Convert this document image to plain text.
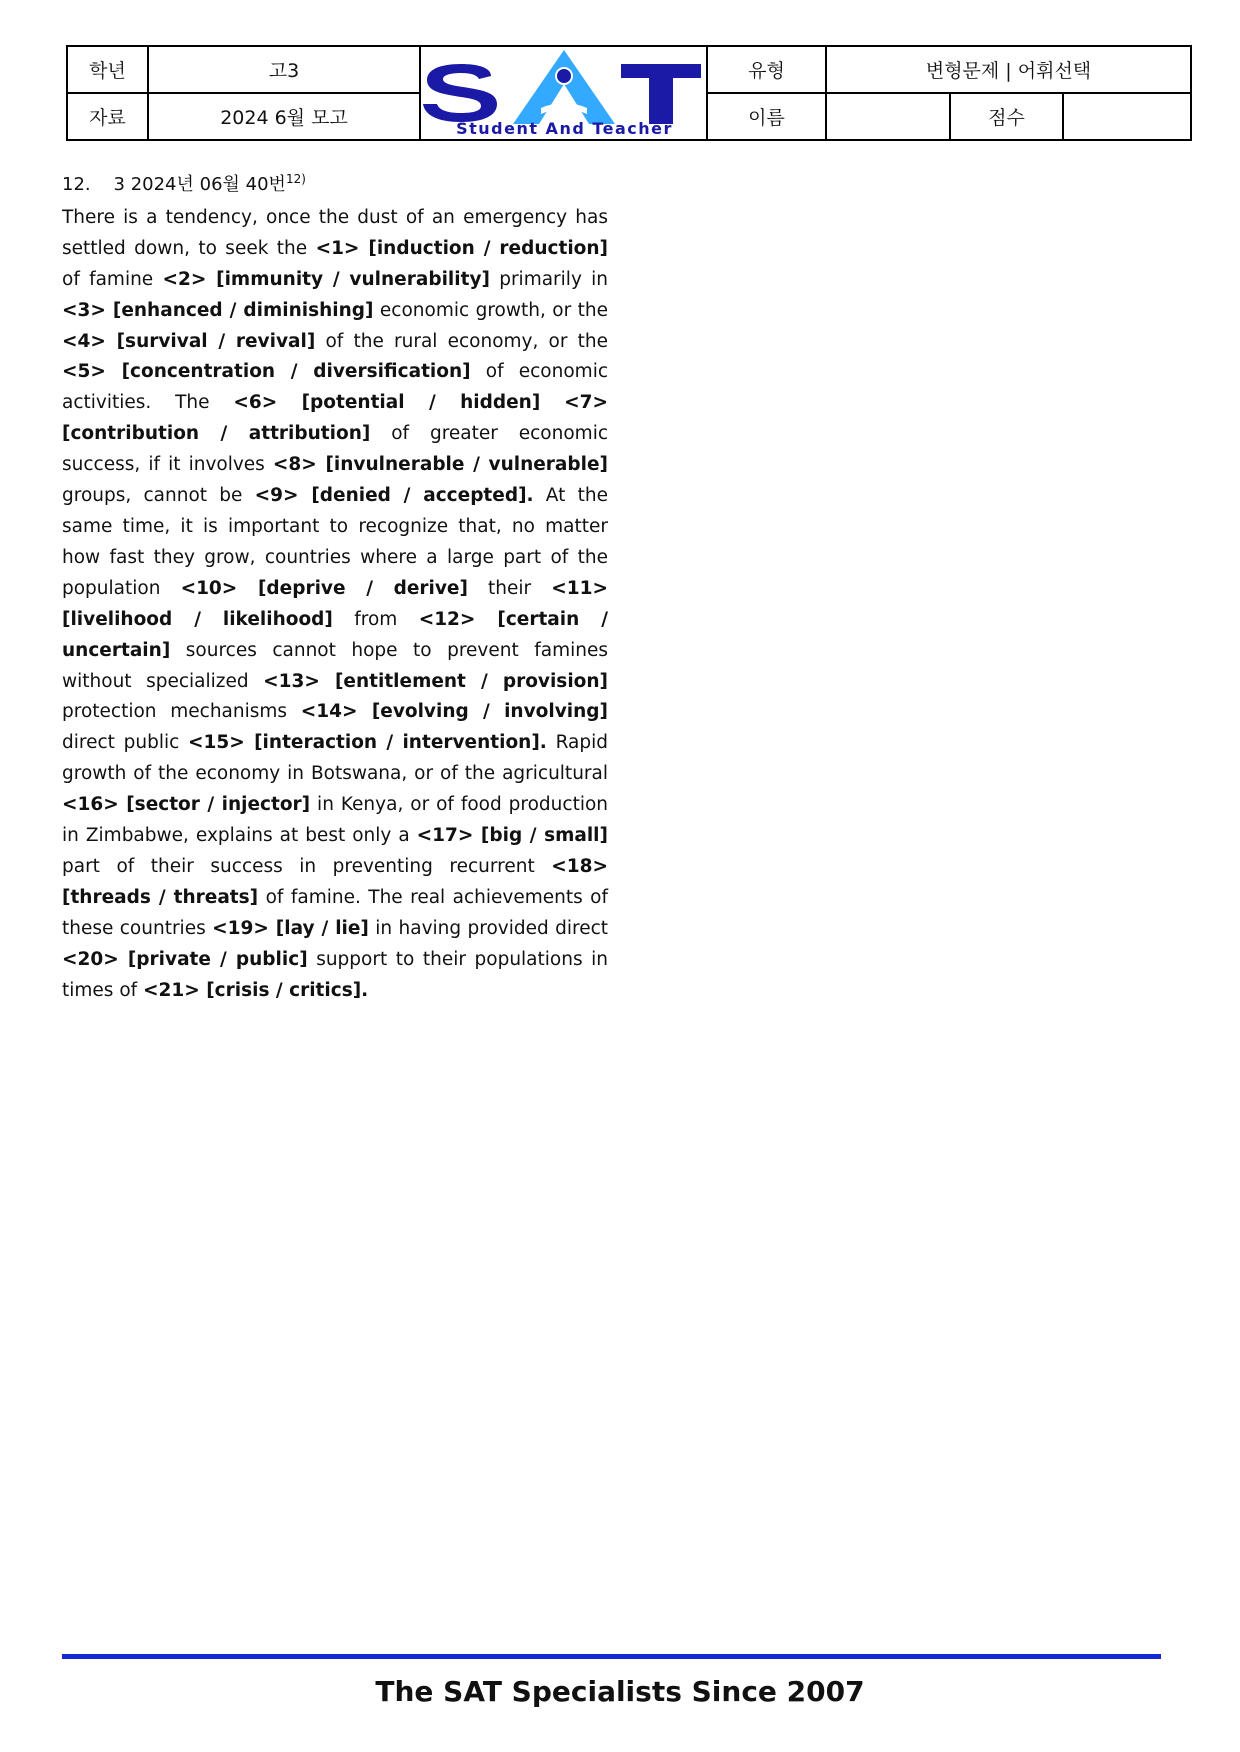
학년	고3	Student And Teacher	유형	변형문제 | 어휘선택		
자료	2024 6월 모고		이름		점수	
12. 3 2024년 06월 40번$^{12)}$
There is a tendency, once the dust of an emergency has settled down, to seek the <1> [induction / reduction] of famine <2> [immunity / vulnerability] primarily in <3> [enhanced / diminishing] economic growth, or the <4> [survival / revival] of the rural economy, or the <5> [concentration / diversification] of economic activities. The <6> [potential / hidden] <7> [contribution / attribution] of greater economic success, if it involves <8> [invulnerable / vulnerable] groups, cannot be <9> [denied / accepted]. At the same time, it is important to recognize that, no matter how fast they grow, countries where a large part of the population <10> [deprive / derive] their <11> [livelihood / likelihood] from <12> [certain / uncertain] sources cannot hope to prevent famines without specialized <13> [entitlement / provision] protection mechanisms <14> [evolving / involving] direct public <15> [interaction / intervention]. Rapid growth of the economy in Botswana, or of the agricultural <16> [sector / injector] in Kenya, or of food production in Zimbabwe, explains at best only a <17> [big / small] part of their success in preventing recurrent <18> [threads / threats] of famine. The real achievements of these countries <19> [lay / lie] in having provided direct <20> [private / public] support to their populations in times of <21> [crisis / critics].
The SAT Specialists Since 2007
